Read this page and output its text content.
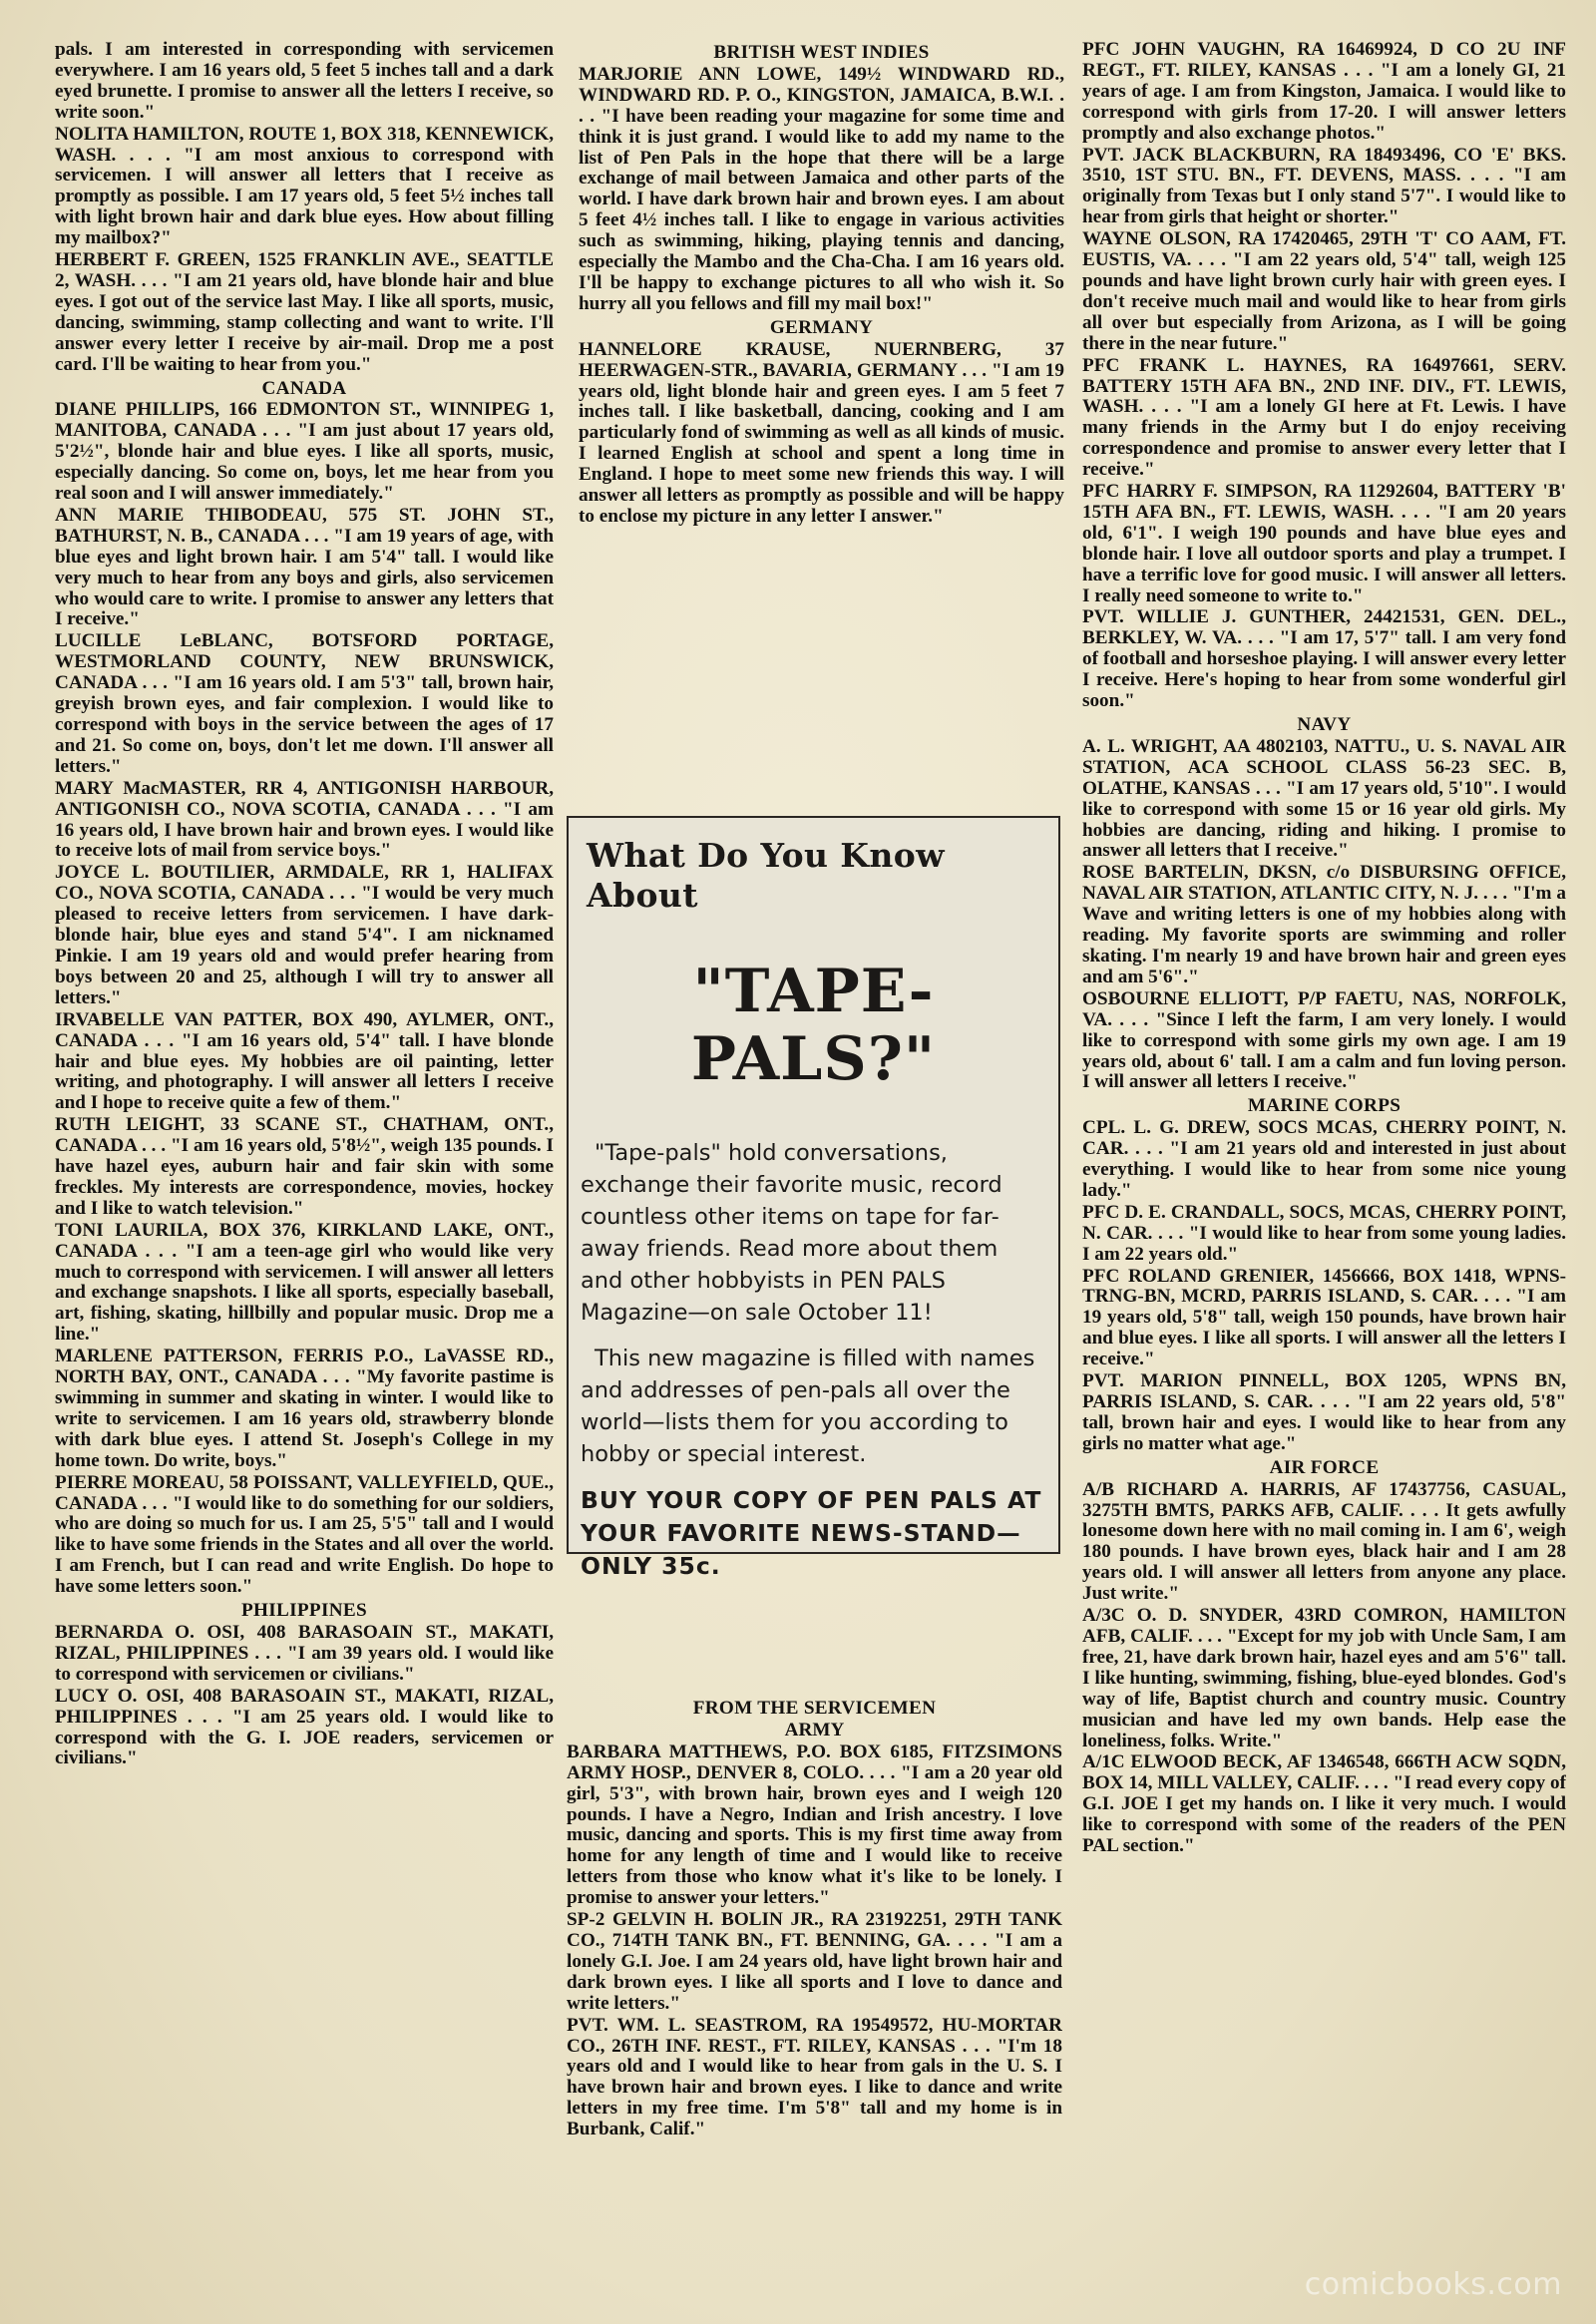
pals. I am interested in corresponding with servicemen everywhere. I am 16 years old, 5 feet 5 inches tall and a dark eyed brunette. I promise to answer all the letters I receive, so write soon."

NOLITA HAMILTON, ROUTE 1, BOX 318, KENNEWICK, WASH. . . . "I am most anxious to correspond with servicemen. I will answer all letters that I receive as promptly as possible. I am 17 years old, 5 feet 5½ inches tall with light brown hair and dark blue eyes. How about filling my mailbox?"

HERBERT F. GREEN, 1525 FRANKLIN AVE., SEATTLE 2, WASH. . . . "I am 21 years old, have blonde hair and blue eyes. I got out of the service last May. I like all sports, music, dancing, swimming, stamp collecting and want to write. I'll answer every letter I receive by air-mail. Drop me a post card. I'll be waiting to hear from you."

CANADA

DIANE PHILLIPS, 166 EDMONTON ST., WINNIPEG 1, MANITOBA, CANADA . . . "I am just about 17 years old, 5'2½", blonde hair and blue eyes. I like all sports, music, especially dancing. So come on, boys, let me hear from you real soon and I will answer immediately."

ANN MARIE THIBODEAU, 575 ST. JOHN ST., BATHURST, N. B., CANADA . . . "I am 19 years of age, with blue eyes and light brown hair. I am 5'4" tall. I would like very much to hear from any boys and girls, also servicemen who would care to write. I promise to answer any letters that I receive."

LUCILLE LeBLANC, BOTSFORD PORTAGE, WESTMORLAND COUNTY, NEW BRUNSWICK, CANADA . . . "I am 16 years old. I am 5'3" tall, brown hair, greyish brown eyes, and fair complexion. I would like to correspond with boys in the service between the ages of 17 and 21. So come on, boys, don't let me down. I'll answer all letters."

MARY MacMASTER, RR 4, ANTIGONISH HARBOUR, ANTIGONISH CO., NOVA SCOTIA, CANADA . . . "I am 16 years old, I have brown hair and brown eyes. I would like to receive lots of mail from service boys."

JOYCE L. BOUTILIER, ARMDALE, RR 1, HALIFAX CO., NOVA SCOTIA, CANADA . . . "I would be very much pleased to receive letters from servicemen. I have dark-blonde hair, blue eyes and stand 5'4". I am nicknamed Pinkie. I am 19 years old and would prefer hearing from boys between 20 and 25, although I will try to answer all letters."

IRVABELLE VAN PATTER, BOX 490, AYLMER, ONT., CANADA . . . "I am 16 years old, 5'4" tall. I have blonde hair and blue eyes. My hobbies are oil painting, letter writing, and photography. I will answer all letters I receive and I hope to receive quite a few of them."

RUTH LEIGHT, 33 SCANE ST., CHATHAM, ONT., CANADA . . . "I am 16 years old, 5'8½", weigh 135 pounds. I have hazel eyes, auburn hair and fair skin with some freckles. My interests are correspondence, movies, hockey and I like to watch television."

TONI LAURILA, BOX 376, KIRKLAND LAKE, ONT., CANADA . . . "I am a teen-age girl who would like very much to correspond with servicemen. I will answer all letters and exchange snapshots. I like all sports, especially baseball, art, fishing, skating, hillbilly and popular music. Drop me a line."

MARLENE PATTERSON, FERRIS P.O., LaVASSE RD., NORTH BAY, ONT., CANADA . . . "My favorite pastime is swimming in summer and skating in winter. I would like to write to servicemen. I am 16 years old, strawberry blonde with dark blue eyes. I attend St. Joseph's College in my home town. Do write, boys."

PIERRE MOREAU, 58 POISSANT, VALLEYFIELD, QUE., CANADA . . . "I would like to do something for our soldiers, who are doing so much for us. I am 25, 5'5" tall and I would like to have some friends in the States and all over the world. I am French, but I can read and write English. Do hope to have some letters soon."

PHILIPPINES

BERNARDA O. OSI, 408 BARASOAIN ST., MAKATI, RIZAL, PHILIPPINES . . . "I am 39 years old. I would like to correspond with servicemen or civilians."

LUCY O. OSI, 408 BARASOAIN ST., MAKATI, RIZAL, PHILIPPINES . . . "I am 25 years old. I would like to correspond with the G. I. JOE readers, servicemen or civilians."

BRITISH WEST INDIES

MARJORIE ANN LOWE, 149½ WINDWARD RD., WINDWARD RD. P. O., KINGSTON, JAMAICA, B.W.I. . . . "I have been reading your magazine for some time and think it is just grand. I would like to add my name to the list of Pen Pals in the hope that there will be a large exchange of mail between Jamaica and other parts of the world. I have dark brown hair and brown eyes. I am about 5 feet 4½ inches tall. I like to engage in various activities such as swimming, hiking, playing tennis and dancing, especially the Mambo and the Cha-Cha. I am 16 years old. I'll be happy to exchange pictures to all who wish it. So hurry all you fellows and fill my mail box!"

GERMANY

HANNELORE KRAUSE, NUERNBERG, 37 HEERWAGEN-STR., BAVARIA, GERMANY . . . "I am 19 years old, light blonde hair and green eyes. I am 5 feet 7 inches tall. I like basketball, dancing, cooking and I am particularly fond of swimming as well as all kinds of music. I learned English at school and spent a long time in England. I hope to meet some new friends this way. I will answer all letters as promptly as possible and will be happy to enclose my picture in any letter I answer."

What Do You Know About
"TAPE-PALS?"

"Tape-pals" hold conversations, exchange their favorite music, record countless other items on tape for far-away friends. Read more about them and other hobbyists in PEN PALS Magazine—on sale October 11!

This new magazine is filled with names and addresses of pen-pals all over the world—lists them for you according to hobby or special interest.

BUY YOUR COPY OF PEN PALS AT YOUR FAVORITE NEWS-STAND—ONLY 35c.
FROM THE SERVICEMEN
ARMY

BARBARA MATTHEWS, P.O. BOX 6185, FITZSIMONS ARMY HOSP., DENVER 8, COLO. . . . "I am a 20 year old girl, 5'3", with brown hair, brown eyes and I weigh 120 pounds. I have a Negro, Indian and Irish ancestry. I love music, dancing and sports. This is my first time away from home for any length of time and I would like to receive letters from those who know what it's like to be lonely. I promise to answer your letters."

SP-2 GELVIN H. BOLIN JR., RA 23192251, 29TH TANK CO., 714TH TANK BN., FT. BENNING, GA. . . . "I am a lonely G.I. Joe. I am 24 years old, have light brown hair and dark brown eyes. I like all sports and I love to dance and write letters."

PVT. WM. L. SEASTROM, RA 19549572, HU-MORTAR CO., 26TH INF. REST., FT. RILEY, KANSAS . . . "I'm 18 years old and I would like to hear from gals in the U. S. I have brown hair and brown eyes. I like to dance and write letters in my free time. I'm 5'8" tall and my home is in Burbank, Calif."

PFC JOHN VAUGHN, RA 16469924, D CO 2U INF REGT., FT. RILEY, KANSAS . . . "I am a lonely GI, 21 years of age. I am from Kingston, Jamaica. I would like to correspond with girls from 17-20. I will answer letters promptly and also exchange photos."

PVT. JACK BLACKBURN, RA 18493496, CO 'E' BKS. 3510, 1ST STU. BN., FT. DEVENS, MASS. . . . "I am originally from Texas but I only stand 5'7". I would like to hear from girls that height or shorter."

WAYNE OLSON, RA 17420465, 29TH 'T' CO AAM, FT. EUSTIS, VA. . . . "I am 22 years old, 5'4" tall, weigh 125 pounds and have light brown curly hair with green eyes. I don't receive much mail and would like to hear from girls all over but especially from Arizona, as I will be going there in the near future."

PFC FRANK L. HAYNES, RA 16497661, SERV. BATTERY 15TH AFA BN., 2ND INF. DIV., FT. LEWIS, WASH. . . . "I am a lonely GI here at Ft. Lewis. I have many friends in the Army but I do enjoy receiving correspondence and promise to answer every letter that I receive."

PFC HARRY F. SIMPSON, RA 11292604, BATTERY 'B' 15TH AFA BN., FT. LEWIS, WASH. . . . "I am 20 years old, 6'1". I weigh 190 pounds and have blue eyes and blonde hair. I love all outdoor sports and play a trumpet. I have a terrific love for good music. I will answer all letters. I really need someone to write to."

PVT. WILLIE J. GUNTHER, 24421531, GEN. DEL., BERKLEY, W. VA. . . . "I am 17, 5'7" tall. I am very fond of football and horseshoe playing. I will answer every letter I receive. Here's hoping to hear from some wonderful girl soon."

NAVY

A. L. WRIGHT, AA 4802103, NATTU., U. S. NAVAL AIR STATION, ACA SCHOOL CLASS 56-23 SEC. B, OLATHE, KANSAS . . . "I am 17 years old, 5'10". I would like to correspond with some 15 or 16 year old girls. My hobbies are dancing, riding and hiking. I promise to answer all letters that I receive."

ROSE BARTELIN, DKSN, c/o DISBURSING OFFICE, NAVAL AIR STATION, ATLANTIC CITY, N. J. . . . "I'm a Wave and writing letters is one of my hobbies along with reading. My favorite sports are swimming and roller skating. I'm nearly 19 and have brown hair and green eyes and am 5'6"."

OSBOURNE ELLIOTT, P/P FAETU, NAS, NORFOLK, VA. . . . "Since I left the farm, I am very lonely. I would like to correspond with some girls my own age. I am 19 years old, about 6' tall. I am a calm and fun loving person. I will answer all letters I receive."

MARINE CORPS

CPL. L. G. DREW, SOCS MCAS, CHERRY POINT, N. CAR. . . . "I am 21 years old and interested in just about everything. I would like to hear from some nice young lady."

PFC D. E. CRANDALL, SOCS, MCAS, CHERRY POINT, N. CAR. . . . "I would like to hear from some young ladies. I am 22 years old."

PFC ROLAND GRENIER, 1456666, BOX 1418, WPNS-TRNG-BN, MCRD, PARRIS ISLAND, S. CAR. . . . "I am 19 years old, 5'8" tall, weigh 150 pounds, have brown hair and blue eyes. I like all sports. I will answer all the letters I receive."

PVT. MARION PINNELL, BOX 1205, WPNS BN, PARRIS ISLAND, S. CAR. . . . "I am 22 years old, 5'8" tall, brown hair and eyes. I would like to hear from any girls no matter what age."

AIR FORCE

A/B RICHARD A. HARRIS, AF 17437756, CASUAL, 3275TH BMTS, PARKS AFB, CALIF. . . . It gets awfully lonesome down here with no mail coming in. I am 6', weigh 180 pounds. I have brown eyes, black hair and I am 28 years old. I will answer all letters from anyone any place. Just write."

A/3C O. D. SNYDER, 43RD COMRON, HAMILTON AFB, CALIF. . . . "Except for my job with Uncle Sam, I am free, 21, have dark brown hair, hazel eyes and am 5'6" tall. I like hunting, swimming, fishing, blue-eyed blondes. God's way of life, Baptist church and country music. Country musician and have led my own bands. Help ease the loneliness, folks. Write."

A/1C ELWOOD BECK, AF 1346548, 666TH ACW SQDN, BOX 14, MILL VALLEY, CALIF. . . . "I read every copy of G.I. JOE I get my hands on. I like it very much. I would like to correspond with some of the readers of the PEN PAL section."

comicbooks.com
